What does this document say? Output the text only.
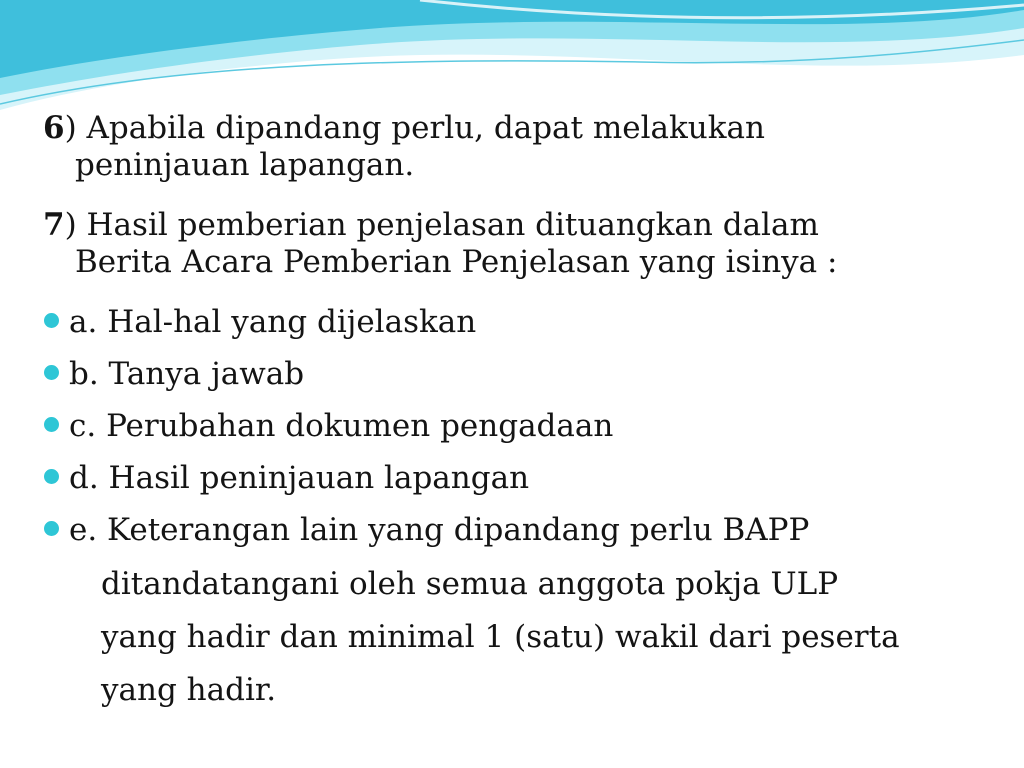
6) Apabila dipandang perlu, dapat melakukan
peninjauan lapangan.
7) Hasil pemberian penjelasan dituangkan dalam
Berita Acara Pemberian Penjelasan yang isinya :
a. Hal-hal yang dijelaskan
b. Tanya jawab
c. Perubahan dokumen pengadaan
d. Hasil peninjauan lapangan
e. Keterangan lain yang dipandang perlu BAPP
ditandatangani oleh semua anggota pokja ULP
yang hadir dan minimal 1 (satu) wakil dari peserta
yang hadir.
